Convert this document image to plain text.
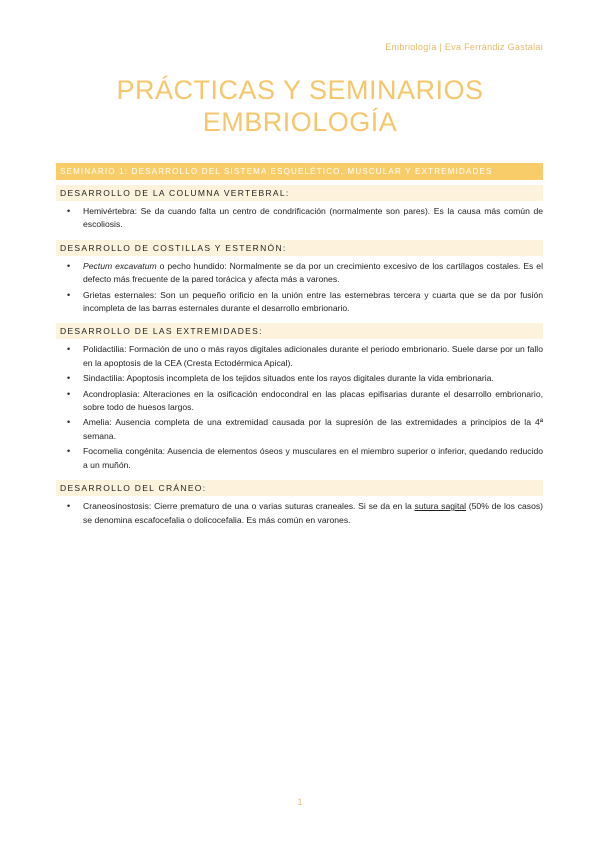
Embriología | Eva Ferrándiz Gastalai
PRÁCTICAS Y SEMINARIOS
EMBRIOLOGÍA
SEMINARIO 1: DESARROLLO DEL SISTEMA ESQUELÉTICO, MUSCULAR Y EXTREMIDADES
DESARROLLO DE LA COLUMNA VERTEBRAL:
• Hemivértebra: Se da cuando falta un centro de condrificación (normalmente son pares). Es la causa más común de escoliosis.
DESARROLLO DE COSTILLAS Y ESTERNÓN:
• Pectum excavatum o pecho hundido: Normalmente se da por un crecimiento excesivo de los cartílagos costales. Es el defecto más frecuente de la pared torácica y afecta más a varones.
• Grietas esternales: Son un pequeño orificio en la unión entre las esternebras tercera y cuarta que se da por fusión incompleta de las barras esternales durante el desarrollo embrionario.
DESARROLLO DE LAS EXTREMIDADES:
• Polidactilia: Formación de uno o más rayos digitales adicionales durante el periodo embrionario. Suele darse por un fallo en la apoptosis de la CEA (Cresta Ectodérmica Apical).
• Sindactilia: Apoptosis incompleta de los tejidos situados ente los rayos digitales durante la vida embrionaria.
• Acondroplasia: Alteraciones en la osificación endocondral en las placas epifisarias durante el desarrollo embrionario, sobre todo de huesos largos.
• Amelia: Ausencia completa de una extremidad causada por la supresión de las extremidades a principios de la 4ª semana.
• Focomelia congénita: Ausencia de elementos óseos y musculares en el miembro superior o inferior, quedando reducido a un muñón.
DESARROLLO DEL CRÁNEO:
• Craneosinostosis: Cierre prematuro de una o varias suturas craneales. Si se da en la sutura sagital (50% de los casos) se denomina escafocefalia o dolicocefalia. Es más común en varones.
1
